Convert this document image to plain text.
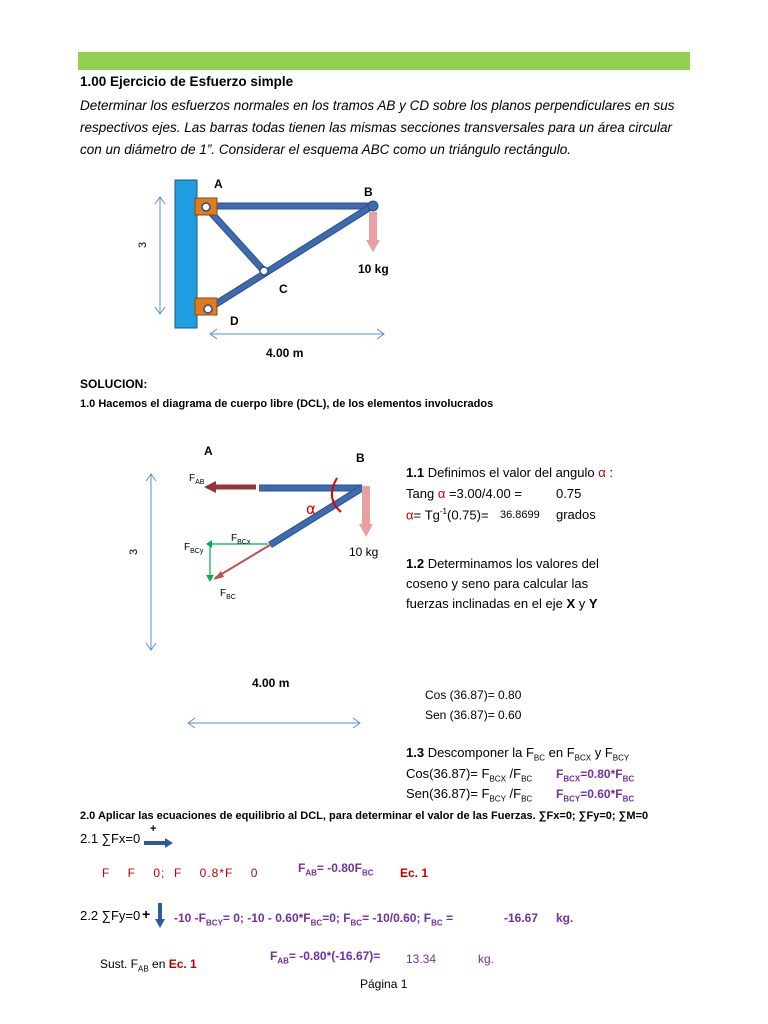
1.00 Ejercicio de Esfuerzo simple
Determinar los esfuerzos normales en los tramos AB y CD sobre los planos perpendiculares en sus respectivos ejes. Las barras todas tienen las mismas secciones transversales para un área circular con un diámetro de 1”. Considerar el esquema ABC como un triángulo rectángulo.
3
A
B
C
D
10 kg
4.00 m
SOLUCION:
1.0 Hacemos el diagrama de cuerpo libre (DCL), de los elementos involucrados
3
α
A	B
10 kg
4.00 m
$F_{AB}$
$F_{BCx}$
$F_{BCy}$
$F_{BC}$
1.1 Definimos el valor del angulo α :
Tang α =3.00/4.00 =	0.75
$\alpha= Tg^{-1}(0.75)= 36.8699$ grados
1.2 Determinamos los valores del
coseno y seno para calcular las
fuerzas inclinadas en el eje X y Y
Cos (36.87)= 0.80
Sen (36.87)= 0.60
1.3 Descomponer la $F_{BC}$ en $F_{BCX}$ y $F_{BCY}$
$Cos(36.87)= F_{BCX}$ $/F_{BC}$ $F_{BCX}=0.80*F_{BC}$
$Sen(36.87)= F_{BCY}$ $/F_{BC}$ $F_{BCY}=0.60*F_{BC}$
2.0 Aplicar las ecuaciones de equilibrio al DCL, para determinar el valor de las Fuerzas. ∑Fx=0; ∑Fy=0; ∑M=0
2.1 ∑Fx=0
+
$F_{AB}= -0.80F_{BC}$ Ec. 1
F    F    0;  F    0.8*F    0
2.2 ∑Fy=0 + -10 $-F_{BCY}= 0$; $-10 - 0.60*F_{BC}=0$; $F_{BC}= -10/0.60$; $F_{BC}$ =	-16.67 kg.
$F_{AB}= -0.80*(-16.67)= 13.34$	kg.
Sust. $F_{AB}$ en Ec. 1
Página 1
